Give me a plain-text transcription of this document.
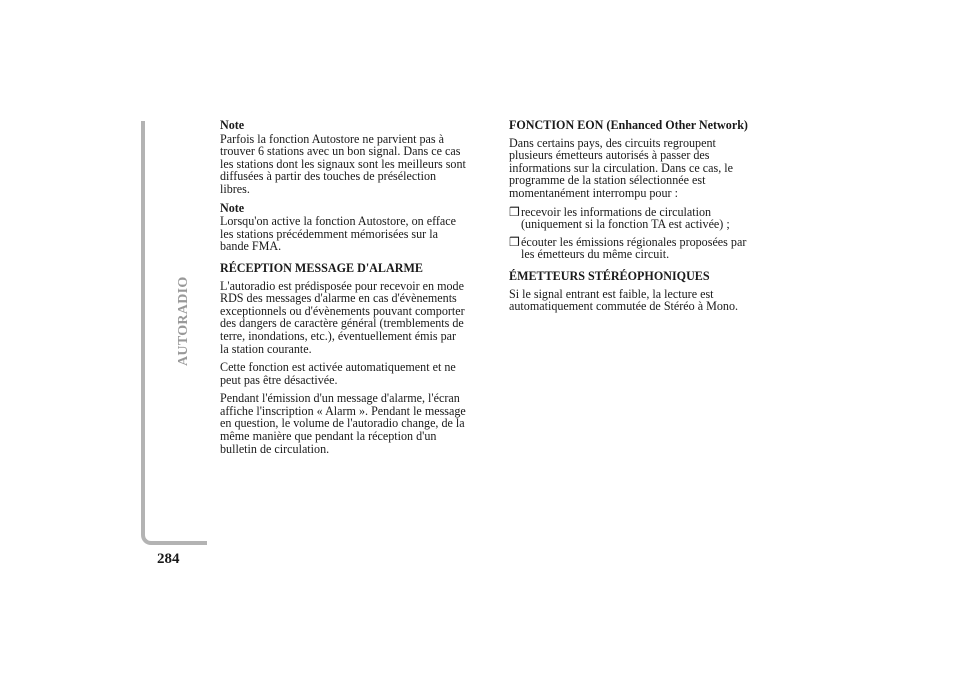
AUTORADIO
284
Note

Parfois la fonction Autostore ne parvient pas à
trouver 6 stations avec un bon signal. Dans ce cas
les stations dont les signaux sont les meilleurs sont
diffusées à partir des touches de présélection
libres.

Note

Lorsqu'on active la fonction Autostore, on efface
les stations précédemment mémorisées sur la
bande FMA.

RÉCEPTION MESSAGE D'ALARME

L'autoradio est prédisposée pour recevoir en mode
RDS des messages d'alarme en cas d'évènements
exceptionnels ou d'évènements pouvant comporter
des dangers de caractère général (tremblements de
terre, inondations, etc.), éventuellement émis par
la station courante.

Cette fonction est activée automatiquement et ne
peut pas être désactivée.

Pendant l'émission d'un message d'alarme, l'écran
affiche l'inscription « Alarm ». Pendant le message
en question, le volume de l'autoradio change, de la
même manière que pendant la réception d'un
bulletin de circulation.

FONCTION EON (Enhanced Other Network)

Dans certains pays, des circuits regroupent
plusieurs émetteurs autorisés à passer des
informations sur la circulation. Dans ce cas, le
programme de la station sélectionnée est
momentanément interrompu pour :

❒ recevoir les informations de circulation
(uniquement si la fonction TA est activée) ;
❒ écouter les émissions régionales proposées par
les émetteurs du même circuit.
ÉMETTEURS STÉRÉOPHONIQUES

Si le signal entrant est faible, la lecture est
automatiquement commutée de Stéréo à Mono.
